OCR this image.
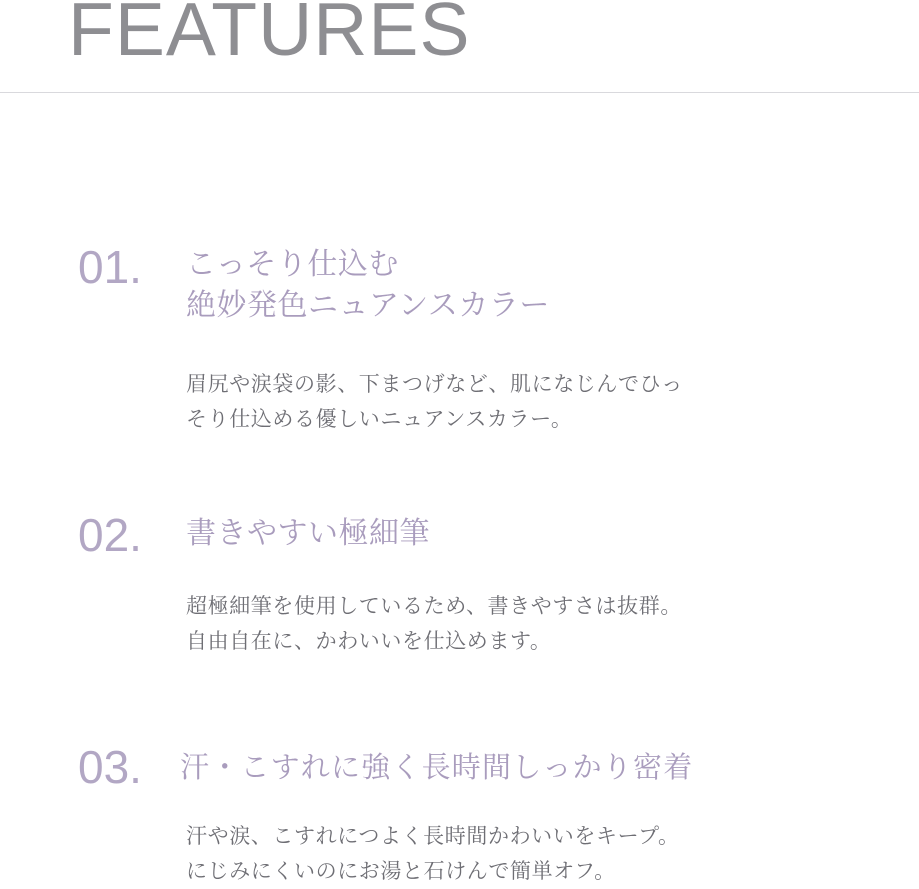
FEATURES
01. こっそり仕込む
絶妙発色ニュアンスカラー
眉尻や涙袋の影、下まつげなど、肌になじんでひっ
そり仕込める優しいニュアンスカラー。
02. 書きやすい極細筆
超極細筆を使用しているため、書きやすさは抜群。
自由自在に、かわいいを仕込めます。
03. 汗・こすれに強く長時間しっかり密着
汗や涙、こすれにつよく長時間かわいいをキープ。
にじみにくいのにお湯と石けんで簡単オフ。
